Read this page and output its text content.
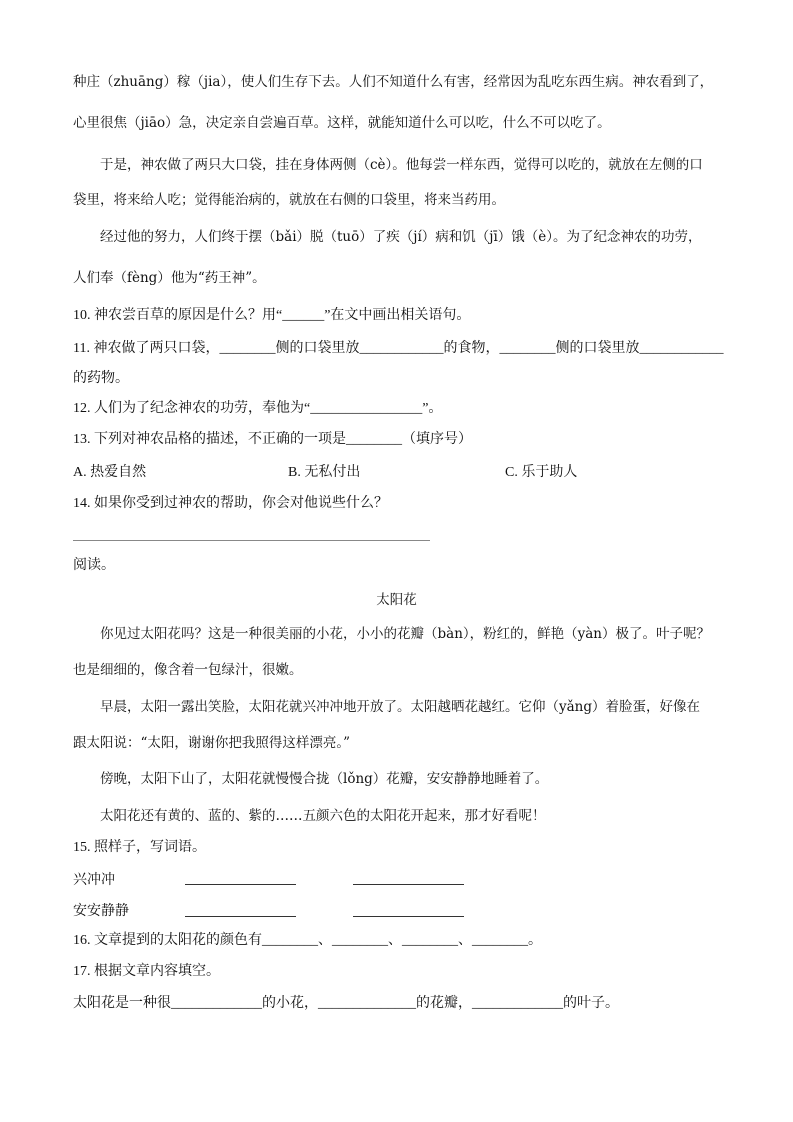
种庄（zhuāng）稼（jia），使人们生存下去。人们不知道什么有害，经常因为乱吃东西生病。神农看到了，
心里很焦（jiāo）急，决定亲自尝遍百草。这样，就能知道什么可以吃，什么不可以吃了。
于是，神农做了两只大口袋，挂在身体两侧（cè）。他每尝一样东西，觉得可以吃的，就放在左侧的口
袋里，将来给人吃；觉得能治病的，就放在右侧的口袋里，将来当药用。
经过他的努力，人们终于摆（bǎi）脱（tuō）了疾（jí）病和饥（jī）饿（è）。为了纪念神农的功劳，
人们奉（fèng）他为“药王神”。
10. 神农尝百草的原因是什么？用“______”在文中画出相关语句。
11. 神农做了两只口袋，________侧的口袋里放____________的食物，________侧的口袋里放____________
的药物。
12. 人们为了纪念神农的功劳，奉他为“________________”。
13. 下列对神农品格的描述，不正确的一项是________（填序号）
A. 热爱自然	B. 无私付出	C. 乐于助人
14. 如果你受到过神农的帮助，你会对他说些什么？
阅读。
太阳花
你见过太阳花吗？这是一种很美丽的小花，小小的花瓣（bàn），粉红的，鲜艳（yàn）极了。叶子呢？
也是细细的，像含着一包绿汁，很嫩。
早晨，太阳一露出笑脸，太阳花就兴冲冲地开放了。太阳越晒花越红。它仰（yǎng）着脸蛋，好像在
跟太阳说：“太阳，谢谢你把我照得这样漂亮。”
傍晚，太阳下山了，太阳花就慢慢合拢（lǒng）花瓣，安安静静地睡着了。
太阳花还有黄的、蓝的、紫的……五颜六色的太阳花开起来，那才好看呢！
15. 照样子，写词语。
兴冲冲
安安静静
16. 文章提到的太阳花的颜色有________、________、________、________。
17. 根据文章内容填空。
太阳花是一种很_____________的小花，______________的花瓣，_____________的叶子。
